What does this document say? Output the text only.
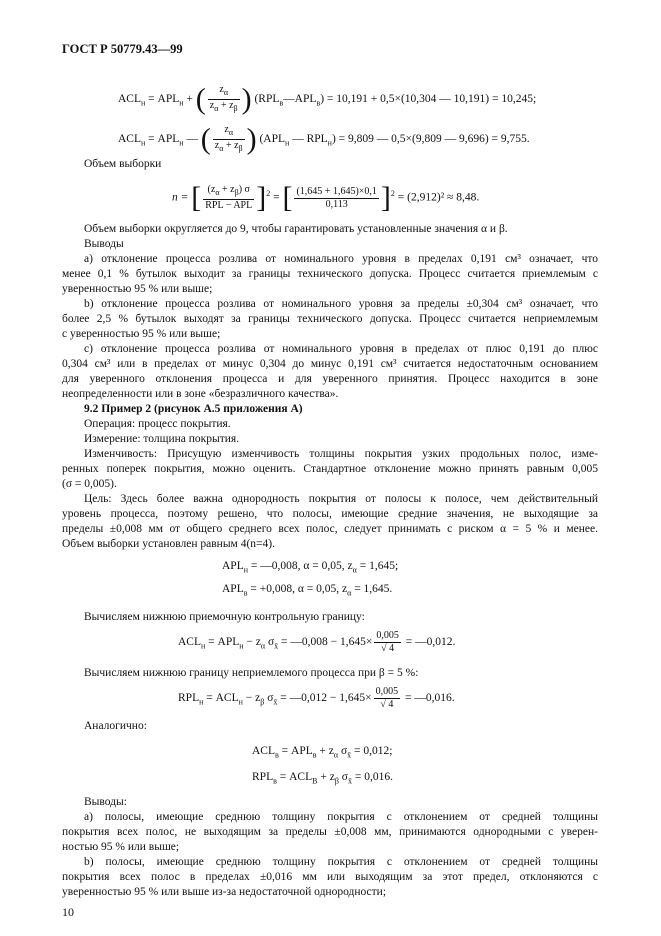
ГОСТ Р 50779.43—99
$ACL_н = APL_н$ + ( $\frac{z_\alpha}{z_\alpha + z_\beta}$ ) $(RPL_в—APL_в) = 10,191 + 0,5\times(10,304$ — 10,191) = 10,245;
$ACL_н = APL_н$ — ( $\frac{z_\alpha}{z_\alpha + z_\beta}$ ) ($APL_н$ — $RPL_н) = 9,809$ — 0,5×(9,809 — 9,696) = 9,755.
Объем выборки
n = [ $\frac{(z_\alpha + z_\beta) \sigma}{\text{RPL − APL}} ]^2$ = [ $\frac{(1,645 + 1,645)\times 0,1}{0,113} ]^2 = (2,912)^2 \approx 8,48$.
Объем выборки округляется до 9, чтобы гарантировать установленные значения α и β.
Выводы
а) отклонение процесса розлива от номинального уровня в пределах 0,191 см³ означает, что
менее 0,1 % бутылок выходит за границы технического допуска. Процесс считается приемлемым с
уверенностью 95 % или выше;
b) отклонение процесса розлива от номинального уровня за пределы ±0,304 см³ означает, что
более 2,5 % бутылок выходят за границы технического допуска. Процесс считается неприемлемым
с уверенностью 95 % или выше;
с) отклонение процесса розлива от номинального уровня в пределах от плюс 0,191 до плюс
0,304 см³ или в пределах от минус 0,304 до минус 0,191 см³ считается недостаточным основанием
для уверенного отклонения процесса и для уверенного принятия. Процесс находится в зоне
неопределенности или в зоне «безразличного качества».
9.2 Пример 2 (рисунок А.5 приложения А)
Операция: процесс покрытия.
Измерение: толщина покрытия.
Изменчивость: Присущую изменчивость толщины покрытия узких продольных полос, изме-
ренных поперек покрытия, можно оценить. Стандартное отклонение можно принять равным 0,005
(σ = 0,005).
Цель: Здесь более важна однородность покрытия от полосы к полосе, чем действительный
уровень процесса, поэтому решено, что полосы, имеющие средние значения, не выходящие за
пределы ±0,008 мм от общего среднего всех полос, следует принимать с риском α = 5 % и менее.
Объем выборки установлен равным 4(n=4).
$APL_н$ = —0,008, α = 0,05, $z_\alpha = 1,645$;
$APL_в = +0,008$, α = 0,05, $z_\alpha = 1,645$.
Вычисляем нижнюю приемочную контрольную границу:
$ACL_н = APL_н - z_\alpha$ $\sigma_{x̄}$ = —0,008 − $1,645\times \frac{0,005}{√ 4}$ = —0,012.
Вычисляем нижнюю границу неприемлемого процесса при β = 5 %:
$RPL_н = ACL_н - z_\beta$ $\sigma_{x̄}$ = —0,012 − $1,645\times \frac{0,005}{√ 4}$ = —0,016.
Аналогично:
$ACL_в = APL_в + z_\alpha$ $\sigma_{x̄} = 0,012$;
$RPL_в = ACL_B + z_\beta$ $\sigma_{x̄} = 0,016$.
Выводы:
а) полосы, имеющие среднюю толщину покрытия с отклонением от средней толщины
покрытия всех полос, не выходящим за пределы ±0,008 мм, принимаются однородными с уверен-
ностью 95 % или выше;
b) полосы, имеющие среднюю толщину покрытия с отклонением от средней толщины
покрытия всех полос в пределах ±0,016 мм или выходящим за этот предел, отклоняются с
уверенностью 95 % или выше из-за недостаточной однородности;
10
